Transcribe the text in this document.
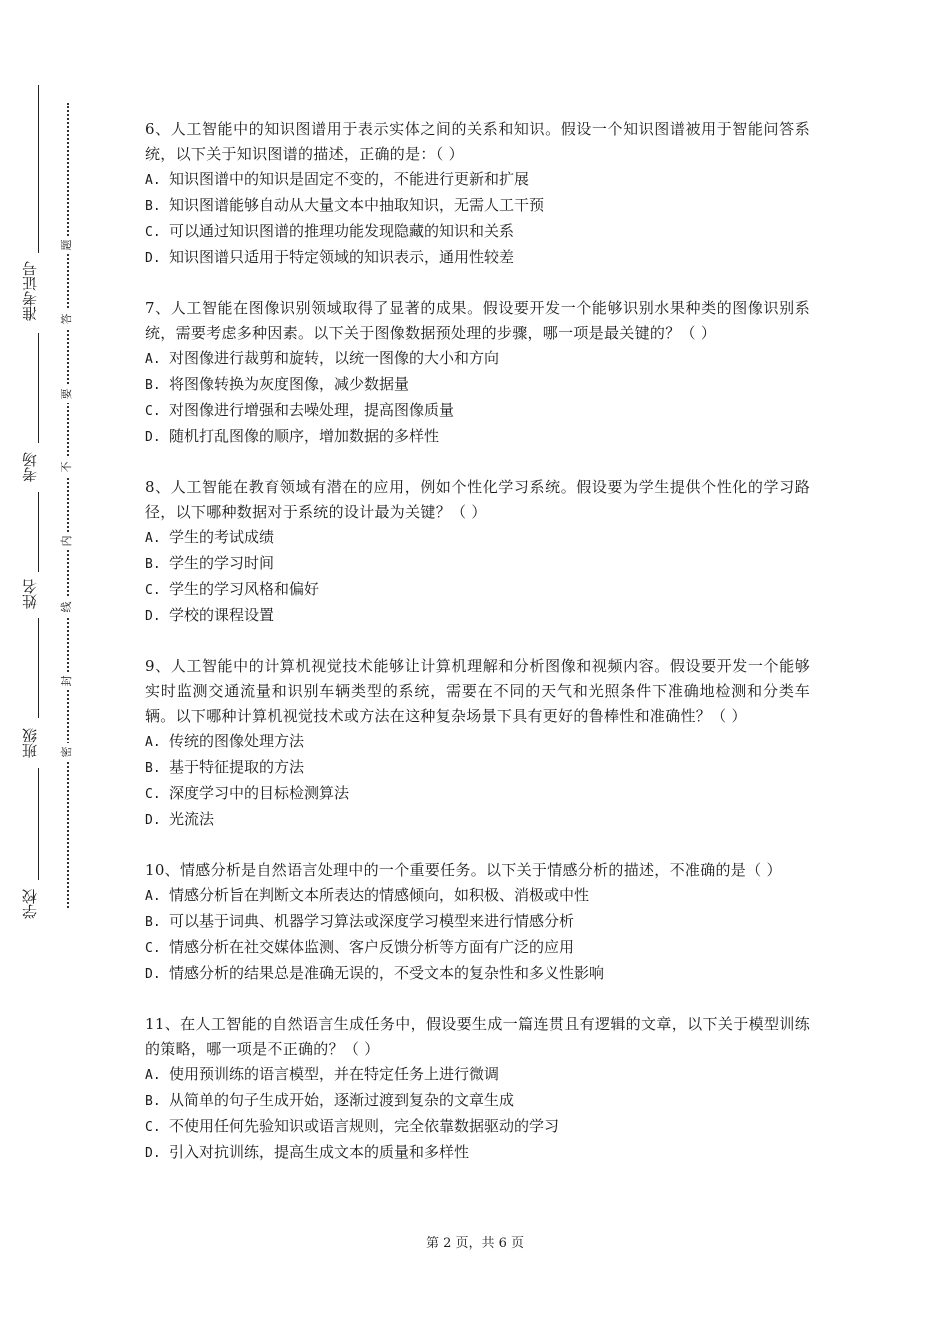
准考证号
考场
姓名
班级
学校
题
答
要
不
内
线
封
密
6、人工智能中的知识图谱用于表示实体之间的关系和知识。假设一个知识图谱被用于智能问答系统，以下关于知识图谱的描述，正确的是：（ ）
A. 知识图谱中的知识是固定不变的，不能进行更新和扩展
B. 知识图谱能够自动从大量文本中抽取知识，无需人工干预
C. 可以通过知识图谱的推理功能发现隐藏的知识和关系
D. 知识图谱只适用于特定领域的知识表示，通用性较差
7、人工智能在图像识别领域取得了显著的成果。假设要开发一个能够识别水果种类的图像识别系统，需要考虑多种因素。以下关于图像数据预处理的步骤，哪一项是最关键的？（ ）
A. 对图像进行裁剪和旋转，以统一图像的大小和方向
B. 将图像转换为灰度图像，减少数据量
C. 对图像进行增强和去噪处理，提高图像质量
D. 随机打乱图像的顺序，增加数据的多样性
8、人工智能在教育领域有潜在的应用，例如个性化学习系统。假设要为学生提供个性化的学习路径，以下哪种数据对于系统的设计最为关键？（ ）
A. 学生的考试成绩
B. 学生的学习时间
C. 学生的学习风格和偏好
D. 学校的课程设置
9、人工智能中的计算机视觉技术能够让计算机理解和分析图像和视频内容。假设要开发一个能够实时监测交通流量和识别车辆类型的系统，需要在不同的天气和光照条件下准确地检测和分类车辆。以下哪种计算机视觉技术或方法在这种复杂场景下具有更好的鲁棒性和准确性？（ ）
A. 传统的图像处理方法
B. 基于特征提取的方法
C. 深度学习中的目标检测算法
D. 光流法
10、情感分析是自然语言处理中的一个重要任务。以下关于情感分析的描述，不准确的是（ ）
A. 情感分析旨在判断文本所表达的情感倾向，如积极、消极或中性
B. 可以基于词典、机器学习算法或深度学习模型来进行情感分析
C. 情感分析在社交媒体监测、客户反馈分析等方面有广泛的应用
D. 情感分析的结果总是准确无误的，不受文本的复杂性和多义性影响
11、在人工智能的自然语言生成任务中，假设要生成一篇连贯且有逻辑的文章，以下关于模型训练的策略，哪一项是不正确的？（ ）
A. 使用预训练的语言模型，并在特定任务上进行微调
B. 从简单的句子生成开始，逐渐过渡到复杂的文章生成
C. 不使用任何先验知识或语言规则，完全依靠数据驱动的学习
D. 引入对抗训练，提高生成文本的质量和多样性
第 2 页，共 6 页
